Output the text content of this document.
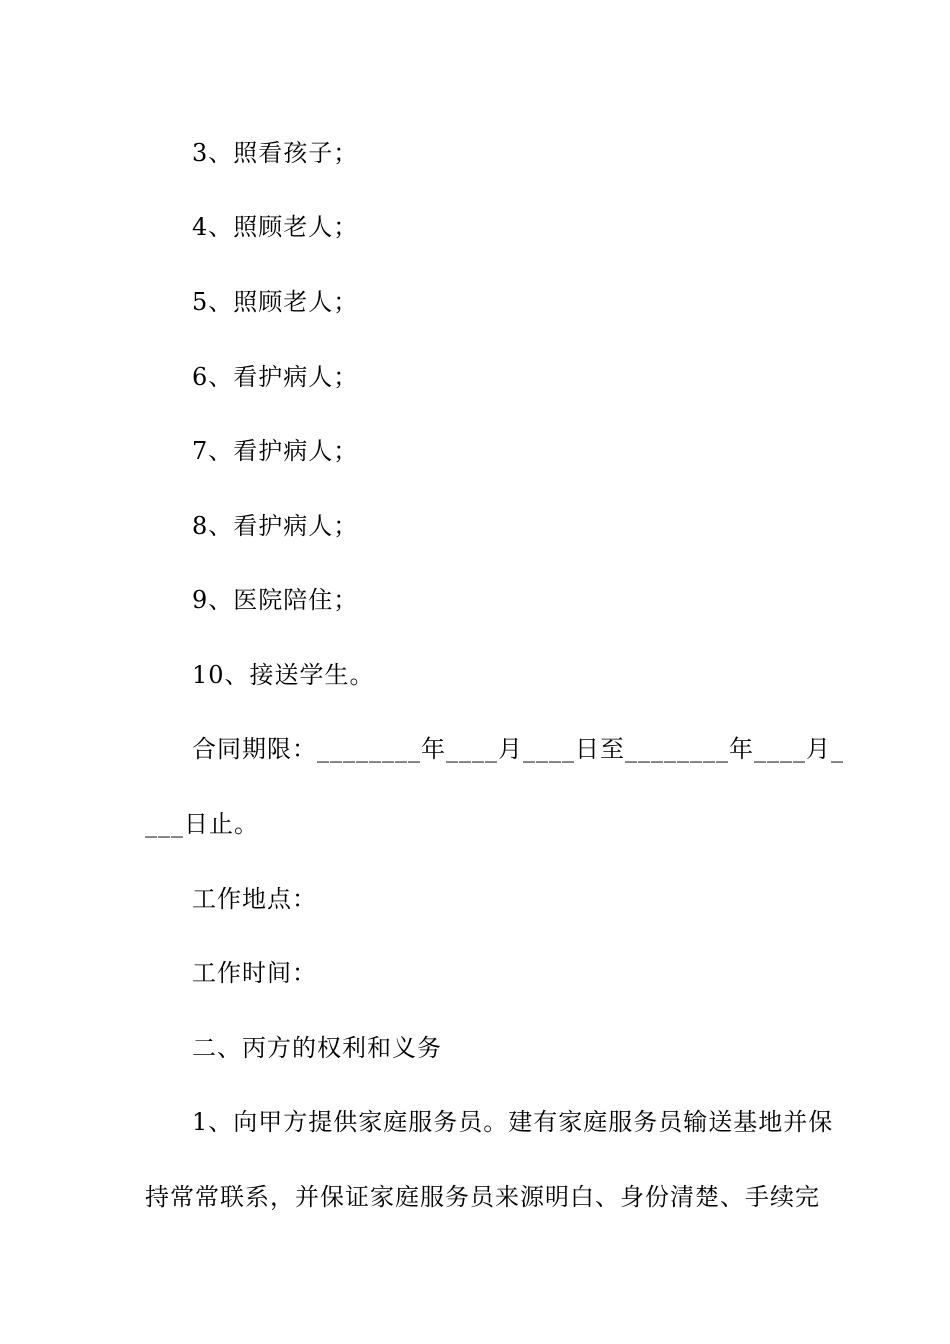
3、照看孩子；
4、照顾老人；
5、照顾老人；
6、看护病人；
7、看护病人；
8、看护病人；
9、医院陪住；
10、接送学生。
合同期限：________年____月____日至________年____月_
___日止。
工作地点：
工作时间：
二、丙方的权利和义务
1、向甲方提供家庭服务员。建有家庭服务员输送基地并保
持常常联系，并保证家庭服务员来源明白、身份清楚、手续完
